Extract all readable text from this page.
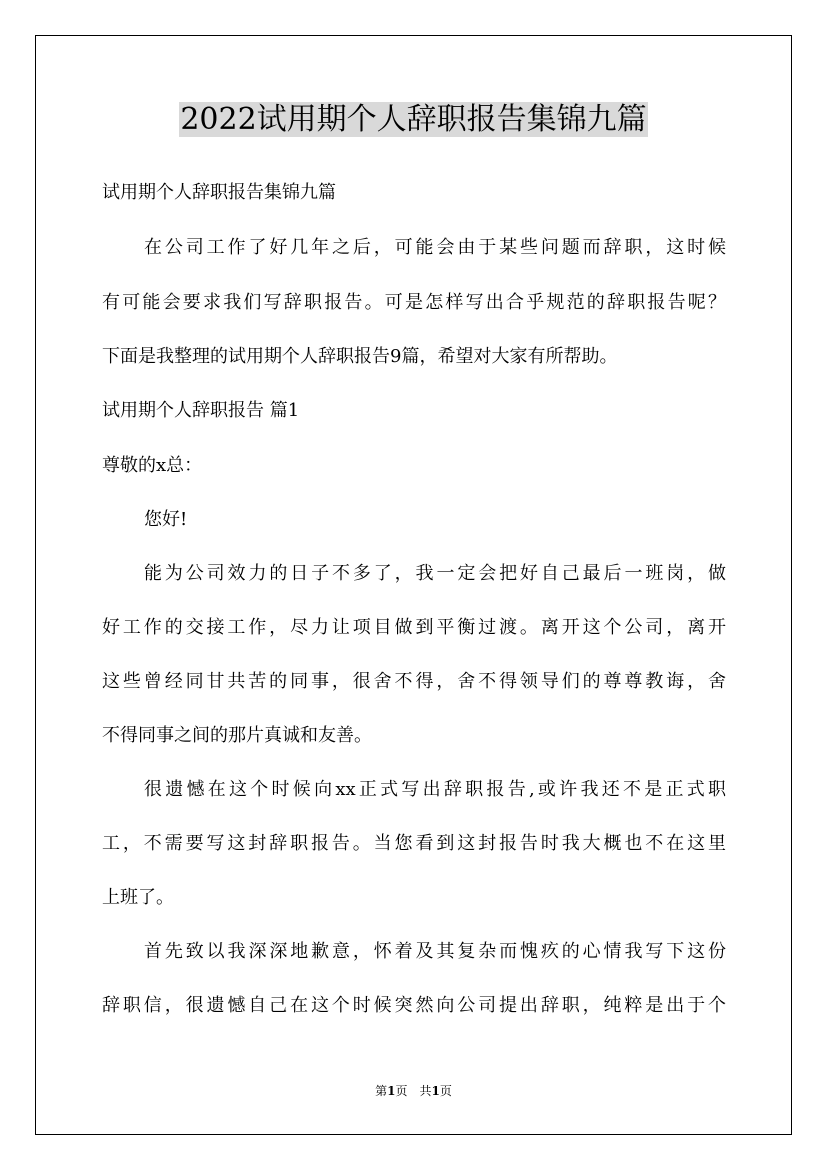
2022试用期个人辞职报告集锦九篇
试用期个人辞职报告集锦九篇
在公司工作了好几年之后，可能会由于某些问题而辞职，这时候
有可能会要求我们写辞职报告。可是怎样写出合乎规范的辞职报告呢？
下面是我整理的试用期个人辞职报告9篇，希望对大家有所帮助。
试用期个人辞职报告 篇1
尊敬的x总：
您好!
能为公司效力的日子不多了，我一定会把好自己最后一班岗，做
好工作的交接工作，尽力让项目做到平衡过渡。离开这个公司，离开
这些曾经同甘共苦的同事，很舍不得，舍不得领导们的尊尊教诲，舍
不得同事之间的那片真诚和友善。
很遗憾在这个时候向xx正式写出辞职报告,或许我还不是正式职
工，不需要写这封辞职报告。当您看到这封报告时我大概也不在这里
上班了。
首先致以我深深地歉意，怀着及其复杂而愧疚的心情我写下这份
辞职信，很遗憾自己在这个时候突然向公司提出辞职，纯粹是出于个
第1页　共1页
